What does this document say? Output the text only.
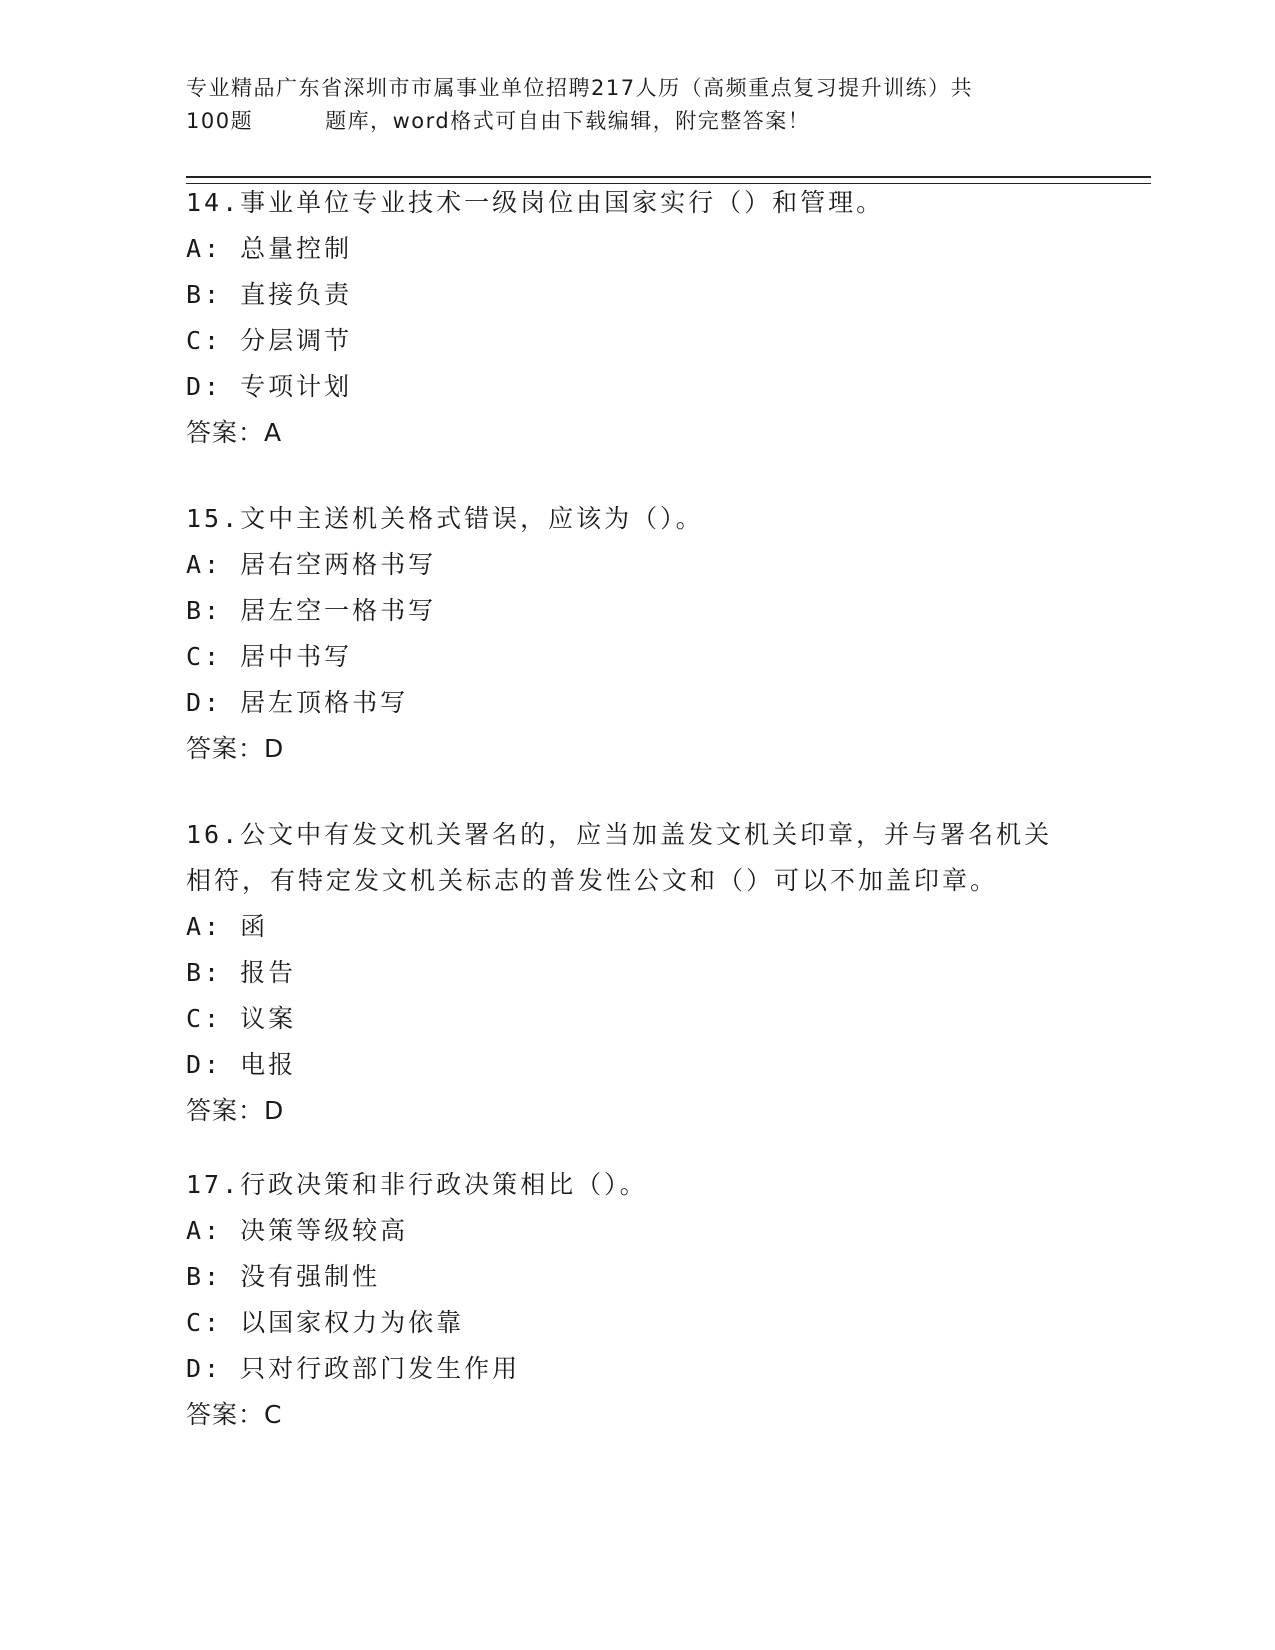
专业精品广东省深圳市市属事业单位招聘217人历（高频重点复习提升训练）共
100题	题库，word格式可自由下载编辑，附完整答案！
14.事业单位专业技术一级岗位由国家实行（）和管理。
A: 总量控制
B: 直接负责
C: 分层调节
D: 专项计划
答案：A
15.文中主送机关格式错误，应该为（）。
A: 居右空两格书写
B: 居左空一格书写
C: 居中书写
D: 居左顶格书写
答案：D
16.公文中有发文机关署名的，应当加盖发文机关印章，并与署名机关相符，有特定发文机关标志的普发性公文和（）可以不加盖印章。
A: 函
B: 报告
C: 议案
D: 电报
答案：D
17.行政决策和非行政决策相比（）。
A: 决策等级较高
B: 没有强制性
C: 以国家权力为依靠
D: 只对行政部门发生作用
答案：C
